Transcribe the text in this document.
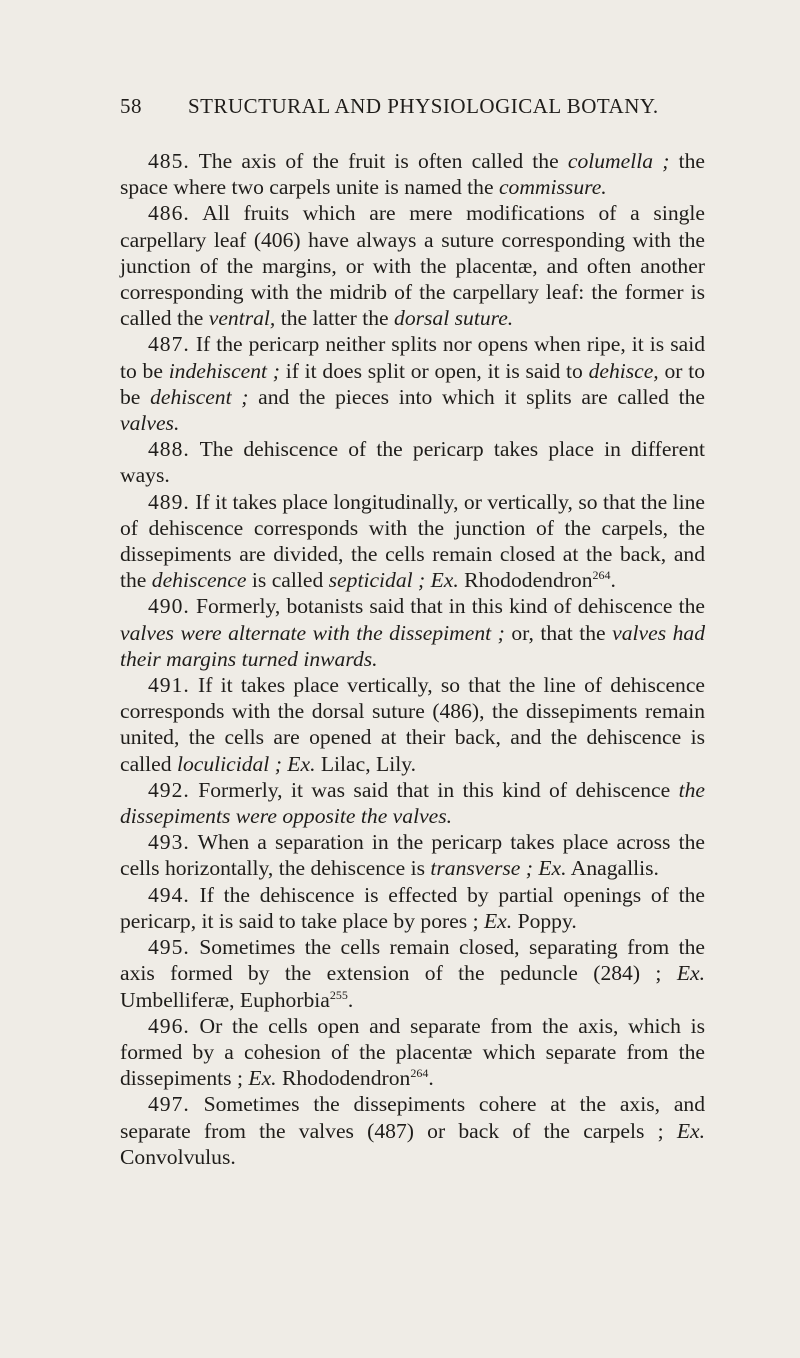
58 STRUCTURAL AND PHYSIOLOGICAL BOTANY.

485. The axis of the fruit is often called the columella ; the space where two carpels unite is named the commissure.

486. All fruits which are mere modifications of a single carpellary leaf (406) have always a suture corresponding with the junction of the margins, or with the placentæ, and often another corresponding with the midrib of the carpellary leaf: the former is called the ventral, the latter the dorsal suture.

487. If the pericarp neither splits nor opens when ripe, it is said to be indehiscent ; if it does split or open, it is said to dehisce, or to be dehiscent ; and the pieces into which it splits are called the valves.

488. The dehiscence of the pericarp takes place in different ways.

489. If it takes place longitudinally, or vertically, so that the line of dehiscence corresponds with the junction of the carpels, the dissepiments are divided, the cells remain closed at the back, and the dehiscence is called septicidal ; Ex. Rhododendron$^{264}$.

490. Formerly, botanists said that in this kind of dehiscence the valves were alternate with the dissepiment ; or, that the valves had their margins turned inwards.

491. If it takes place vertically, so that the line of dehiscence corresponds with the dorsal suture (486), the dissepiments remain united, the cells are opened at their back, and the dehiscence is called loculicidal ; Ex. Lilac, Lily.

492. Formerly, it was said that in this kind of dehiscence the dissepiments were opposite the valves.

493. When a separation in the pericarp takes place across the cells horizontally, the dehiscence is transverse ; Ex. Anagallis.

494. If the dehiscence is effected by partial openings of the pericarp, it is said to take place by pores ; Ex. Poppy.

495. Sometimes the cells remain closed, separating from the axis formed by the extension of the peduncle (284) ; Ex. Umbelliferæ, Euphorbia$^{255}$.

496. Or the cells open and separate from the axis, which is formed by a cohesion of the placentæ which separate from the dissepiments ; Ex. Rhododendron$^{264}$.

497. Sometimes the dissepiments cohere at the axis, and separate from the valves (487) or back of the carpels ; Ex. Convolvulus.
